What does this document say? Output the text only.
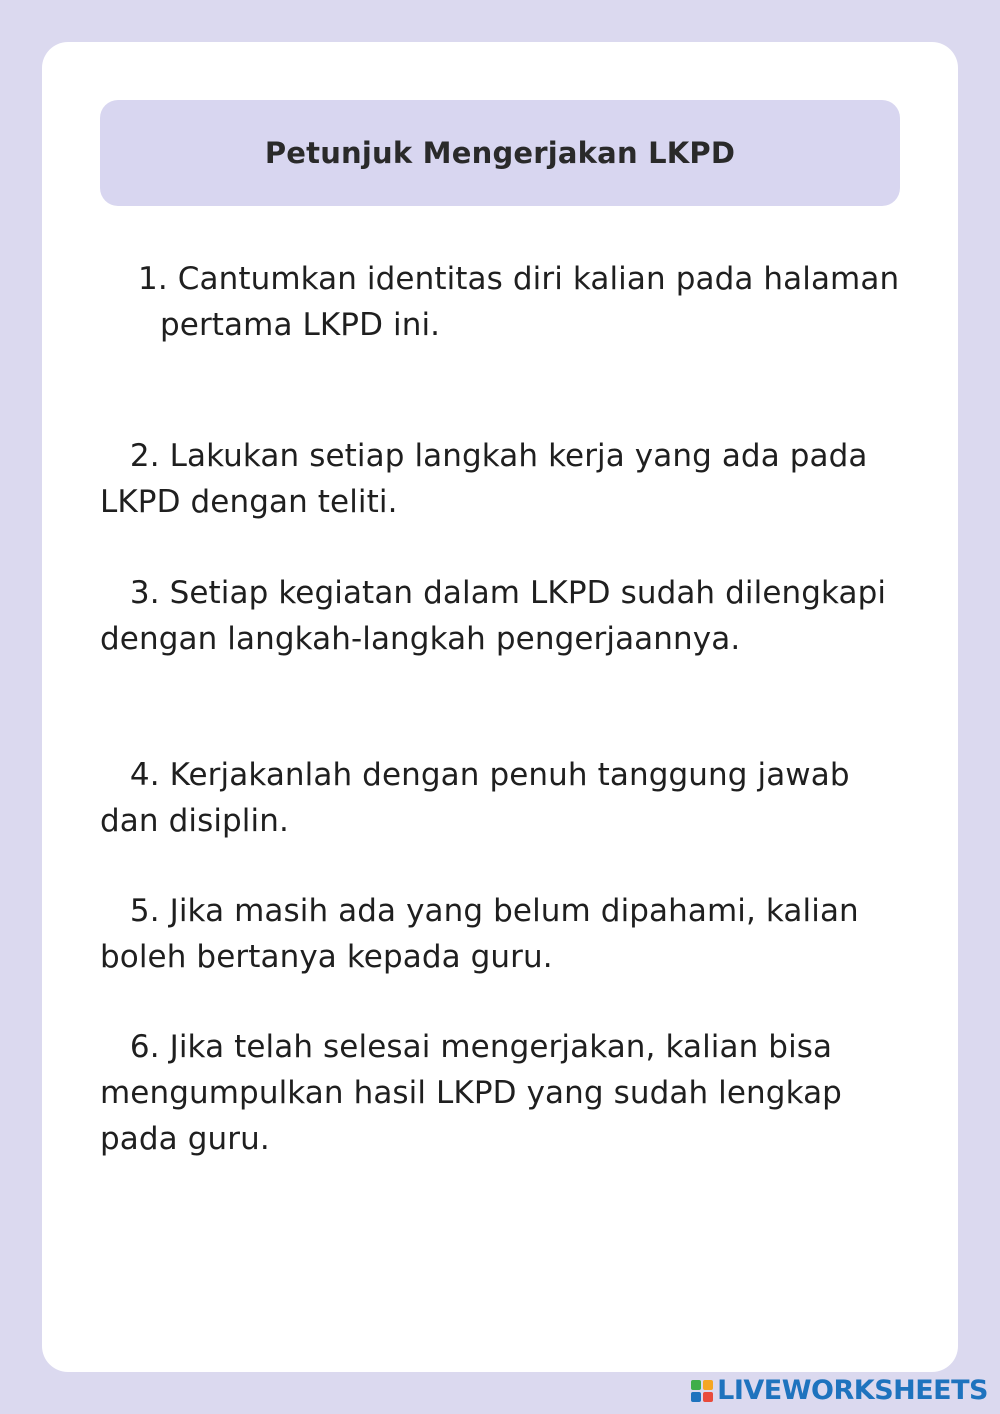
Petunjuk Mengerjakan LKPD

1. Cantumkan identitas diri kalian pada halaman pertama LKPD ini.

2. Lakukan setiap langkah kerja yang ada pada LKPD dengan teliti.

3. Setiap kegiatan dalam LKPD sudah dilengkapi dengan langkah-langkah pengerjaannya.

4. Kerjakanlah dengan penuh tanggung jawab dan disiplin.

5. Jika masih ada yang belum dipahami, kalian boleh bertanya kepada guru.

6. Jika telah selesai mengerjakan, kalian bisa mengumpulkan hasil LKPD yang sudah lengkap pada guru.

LIVEWORKSHEETS
